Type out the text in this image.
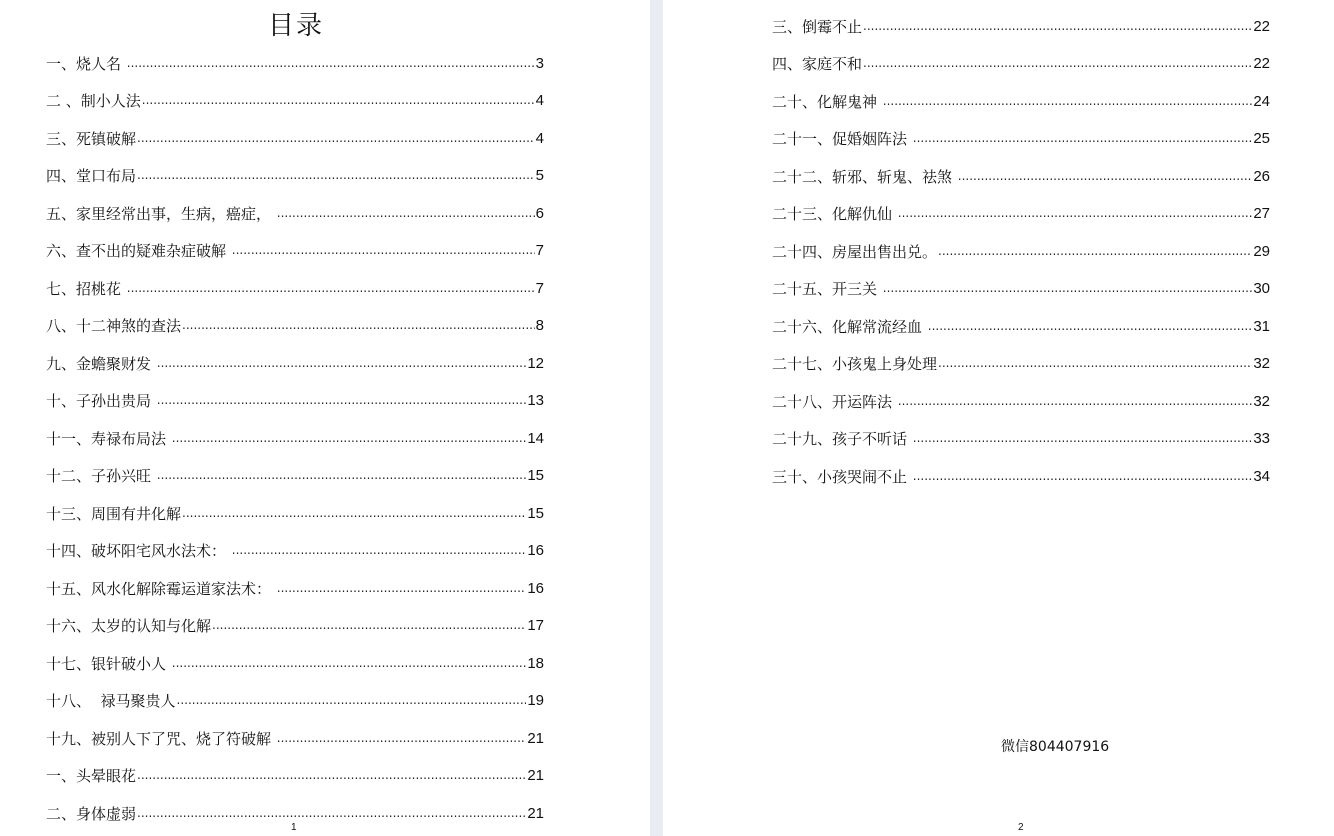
目录
一、烧人名 .....	3
二 、制小人法 .....	4
三、死镇破解 .....	4
四、堂口布局 .....	5
五、家里经常出事，生病，癌症， .....	6
六、查不出的疑难杂症破解 .....	7
七、招桃花 .....	7
八、十二神煞的查法 .....	8
九、金蟾聚财发 .....	12
十、子孙出贵局 .....	13
十一、寿禄布局法 .....	14
十二、子孙兴旺 .....	15
十三、周围有井化解 .....	15
十四、破坏阳宅风水法术： .....	16
十五、风水化解除霉运道家法术： .....	16
十六、太岁的认知与化解 .....	17
十七、银针破小人 .....	18
十八、  禄马聚贵人 .....	19
十九、被别人下了咒、烧了符破解 .....	21
一、头晕眼花 .....	21
二、身体虚弱 .....	21
1
三、倒霉不止 .....	22
四、家庭不和 .....	22
二十、化解鬼神 .....	24
二十一、促婚姻阵法 .....	25
二十二、斩邪、斩鬼、祛煞 .....	26
二十三、化解仇仙 .....	27
二十四、房屋出售出兑。 .....	29
二十五、开三关 .....	30
二十六、化解常流经血 .....	31
二十七、小孩鬼上身处理 .....	32
二十八、开运阵法 .....	32
二十九、孩子不听话 .....	33
三十、小孩哭闹不止 .....	34
微信804407916
2
